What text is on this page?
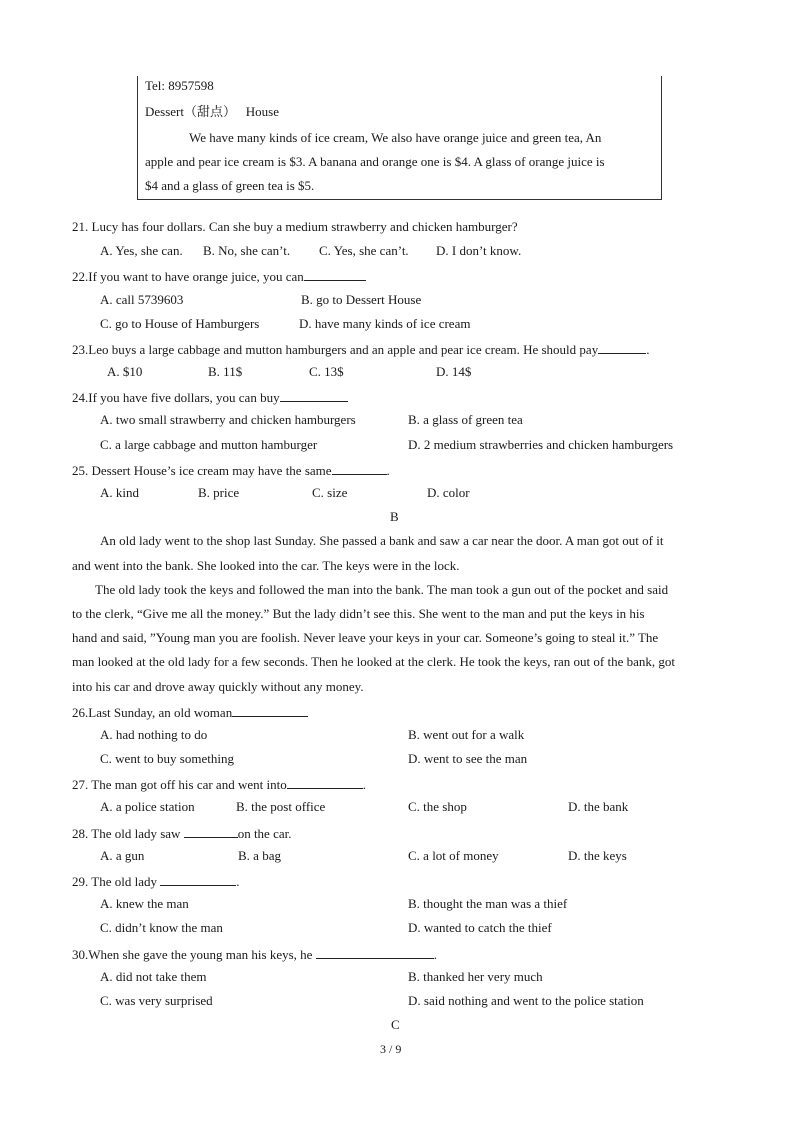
Tel: 8957598
Dessert（甜点） House
We have many kinds of ice cream, We also have orange juice and green tea, An
apple and pear ice cream is $3. A banana and orange one is $4. A glass of orange juice is
$4 and a glass of green tea is $5.
21. Lucy has four dollars. Can she buy a medium strawberry and chicken hamburger?
A. Yes, she can. B. No, she can’t. C. Yes, she can’t. D. I don’t know.
22.If you want to have orange juice, you can
A. call 5739603	B. go to Dessert House
C. go to House of Hamburgers	D. have many kinds of ice cream
23.Leo buys a large cabbage and mutton hamburgers and an apple and pear ice cream. He should pay	.
A. $10	B. 11$	C. 13$	D. 14$
24.If you have five dollars, you can buy
A. two small strawberry and chicken hamburgers	B. a glass of green tea
C. a large cabbage and mutton hamburger	D. 2 medium strawberries and chicken hamburgers
25. Dessert House’s ice cream may have the same	.
A. kind	B. price	C. size	D. color
B
An old lady went to the shop last Sunday. She passed a bank and saw a car near the door. A man got out of it
and went into the bank. She looked into the car. The keys were in the lock.
The old lady took the keys and followed the man into the bank. The man took a gun out of the pocket and said
to the clerk, “Give me all the money.” But the lady didn’t see this. She went to the man and put the keys in his
hand and said, ”Young man you are foolish. Never leave your keys in your car. Someone’s going to steal it.” The
man looked at the old lady for a few seconds. Then he looked at the clerk. He took the keys, ran out of the bank, got
into his car and drove away quickly without any money.
26.Last Sunday, an old woman
A. had nothing to do	B. went out for a walk
C. went to buy something	D. went to see the man
27. The man got off his car and went into	.
A. a police station	B. the post office	C. the shop	D. the bank
28. The old lady saw	on the car.
A. a gun	B. a bag	C. a lot of money	D. the keys
29. The old lady	.
A. knew the man	B. thought the man was a thief
C. didn’t know the man	D. wanted to catch the thief
30.When she gave the young man his keys, he	.
A. did not take them	B. thanked her very much
C. was very surprised	D. said nothing and went to the police station
C
3 / 9
